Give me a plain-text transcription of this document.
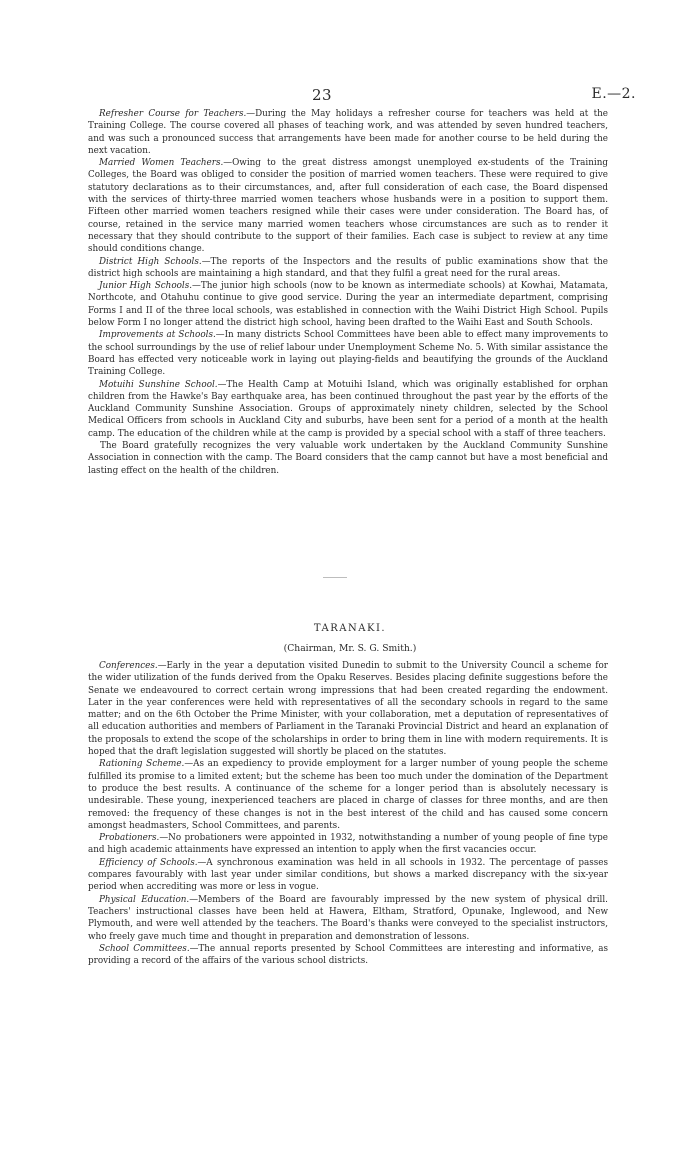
23	E.—2.

Refresher Course for Teachers.—During the May holidays a refresher course for teachers was held at the Training College. The course covered all phases of teaching work, and was attended by seven hundred teachers, and was such a pronounced success that arrangements have been made for another course to be held during the next vacation.

Married Women Teachers.—Owing to the great distress amongst unemployed ex-students of the Training Colleges, the Board was obliged to consider the position of married women teachers. These were required to give statutory declarations as to their circumstances, and, after full consideration of each case, the Board dispensed with the services of thirty-three married women teachers whose husbands were in a position to support them. Fifteen other married women teachers resigned while their cases were under consideration. The Board has, of course, retained in the service many married women teachers whose circumstances are such as to render it necessary that they should contribute to the support of their families. Each case is subject to review at any time should conditions change.

District High Schools.—The reports of the Inspectors and the results of public examinations show that the district high schools are maintaining a high standard, and that they fulfil a great need for the rural areas.

Junior High Schools.—The junior high schools (now to be known as intermediate schools) at Kowhai, Matamata, Northcote, and Otahuhu continue to give good service. During the year an intermediate department, comprising Forms I and II of the three local schools, was established in connection with the Waihi District High School. Pupils below Form I no longer attend the district high school, having been drafted to the Waihi East and South Schools.

Improvements at Schools.—In many districts School Committees have been able to effect many improvements to the school surroundings by the use of relief labour under Unemployment Scheme No. 5. With similar assistance the Board has effected very noticeable work in laying out playing-fields and beautifying the grounds of the Auckland Training College.

Motuihi Sunshine School.—The Health Camp at Motuihi Island, which was originally established for orphan children from the Hawke's Bay earthquake area, has been continued throughout the past year by the efforts of the Auckland Community Sunshine Association. Groups of approximately ninety children, selected by the School Medical Officers from schools in Auckland City and suburbs, have been sent for a period of a month at the health camp. The education of the children while at the camp is provided by a special school with a staff of three teachers.

The Board gratefully recognizes the very valuable work undertaken by the Auckland Community Sunshine Association in connection with the camp. The Board considers that the camp cannot but have a most beneficial and lasting effect on the health of the children.

TARANAKI.
(Chairman, Mr. S. G. Smith.)

Conferences.—Early in the year a deputation visited Dunedin to submit to the University Council a scheme for the wider utilization of the funds derived from the Opaku Reserves. Besides placing definite suggestions before the Senate we endeavoured to correct certain wrong impressions that had been created regarding the endowment. Later in the year conferences were held with representatives of all the secondary schools in regard to the same matter; and on the 6th October the Prime Minister, with your collaboration, met a deputation of representatives of all education authorities and members of Parliament in the Taranaki Provincial District and heard an explanation of the proposals to extend the scope of the scholarships in order to bring them in line with modern requirements. It is hoped that the draft legislation suggested will shortly be placed on the statutes.

Rationing Scheme.—As an expediency to provide employment for a larger number of young people the scheme fulfilled its promise to a limited extent; but the scheme has been too much under the domination of the Department to produce the best results. A continuance of the scheme for a longer period than is absolutely necessary is undesirable. These young, inexperienced teachers are placed in charge of classes for three months, and are then removed: the frequency of these changes is not in the best interest of the child and has caused some concern amongst headmasters, School Committees, and parents.

Probationers.—No probationers were appointed in 1932, notwithstanding a number of young people of fine type and high academic attainments have expressed an intention to apply when the first vacancies occur.

Efficiency of Schools.—A synchronous examination was held in all schools in 1932. The percentage of passes compares favourably with last year under similar conditions, but shows a marked discrepancy with the six-year period when accrediting was more or less in vogue.

Physical Education.—Members of the Board are favourably impressed by the new system of physical drill. Teachers' instructional classes have been held at Hawera, Eltham, Stratford, Opunake, Inglewood, and New Plymouth, and were well attended by the teachers. The Board's thanks were conveyed to the specialist instructors, who freely gave much time and thought in preparation and demonstration of lessons.

School Committees.—The annual reports presented by School Committees are interesting and informative, as providing a record of the affairs of the various school districts.
